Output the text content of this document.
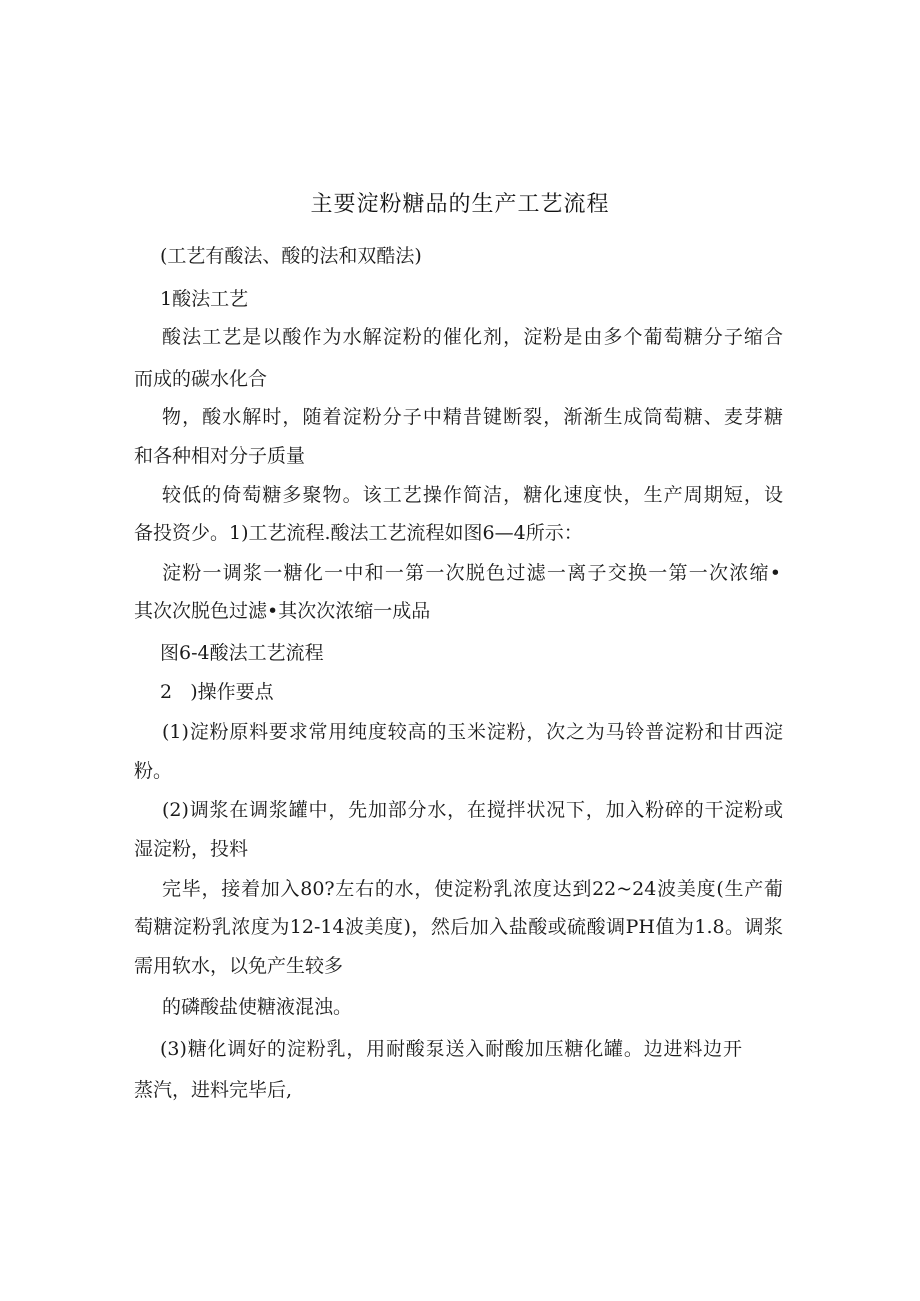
主要淀粉糖品的生产工艺流程
(工艺有酸法、酸的法和双酷法)
1酸法工艺
酸法工艺是以酸作为水解淀粉的催化剂，淀粉是由多个葡萄糖分子缩合
而成的碳水化合
物，酸水解时，随着淀粉分子中精昔键断裂，渐渐生成筒萄糖、麦芽糖
和各种相对分子质量
较低的倚萄糖多聚物。该工艺操作简洁，糖化速度快，生产周期短，设
备投资少。1)工艺流程.酸法工艺流程如图6—4所示：
淀粉一调浆一糖化一中和一第一次脱色过滤一离子交换一第一次浓缩•
其次次脱色过滤•其次次浓缩一成品
图6-4酸法工艺流程
2   )操作要点
(1)淀粉原料要求常用纯度较高的玉米淀粉，次之为马铃普淀粉和甘西淀
粉。
(2)调浆在调浆罐中，先加部分水，在搅拌状况下，加入粉碎的干淀粉或
湿淀粉，投料
完毕，接着加入80?左右的水，使淀粉乳浓度达到22~24波美度(生产葡
萄糖淀粉乳浓度为12-14波美度)，然后加入盐酸或硫酸调PH值为1.8。调浆
需用软水，以免产生较多
的磷酸盐使糖液混浊。
(3)糖化调好的淀粉乳，用耐酸泵送入耐酸加压糖化罐。边进料边开
蒸汽，进料完毕后,
